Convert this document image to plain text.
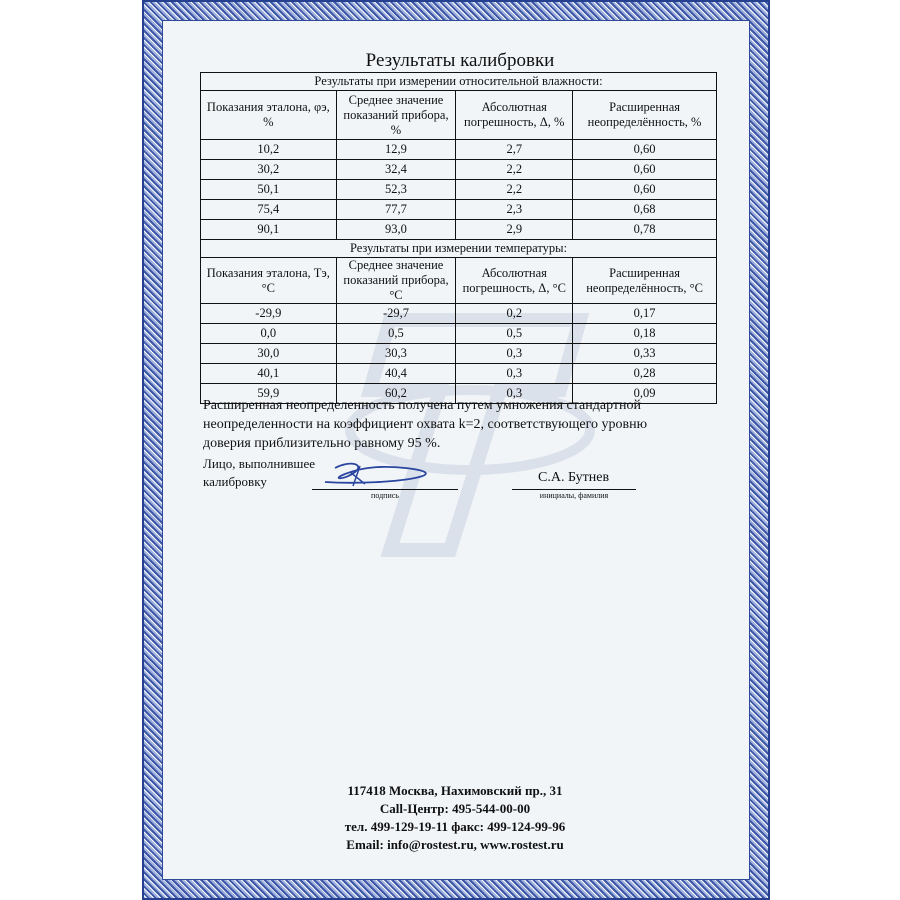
Результаты калибровки
Результаты при измерении относительной влажности:			
Показания эталона, φэ, %	Среднее значение показаний прибора, %	Абсолютная погрешность, Δ, %	Расширенная неопределённость, %
10,2	12,9	2,7	0,60
30,2	32,4	2,2	0,60
50,1	52,3	2,2	0,60
75,4	77,7	2,3	0,68
90,1	93,0	2,9	0,78
Результаты при измерении температуры:			
Показания эталона, Тэ, °С	Среднее значение показаний прибора, °С	Абсолютная погрешность, Δ, °С	Расширенная неопределённость, °С
-29,9	-29,7	0,2	0,17
0,0	0,5	0,5	0,18
30,0	30,3	0,3	0,33
40,1	40,4	0,3	0,28
59,9	60,2	0,3	0,09
Расширенная неопределенность получена путем умножения стандартной неопределенности на коэффициент охвата k=2, соответствующего уровню доверия приблизительно равному 95 %.
Лицо, выполнившее калибровку
подпись
С.А. Бутнев
инициалы, фамилия
117418 Москва, Нахимовский пр., 31
Call-Центр: 495-544-00-00
тел. 499-129-19-11 факс: 499-124-99-96
Email: info@rostest.ru, www.rostest.ru
